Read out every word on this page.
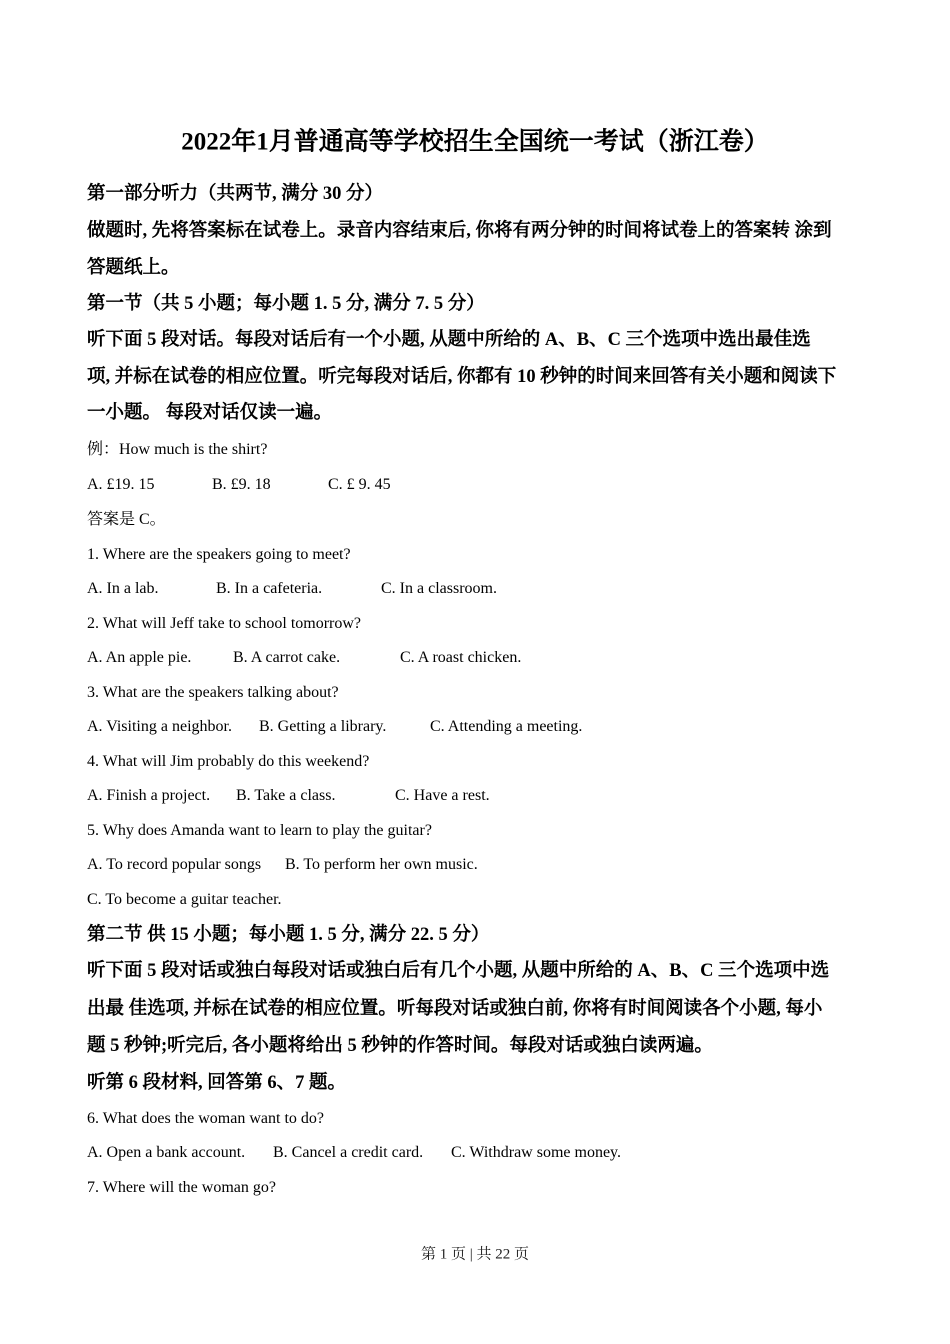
2022年1月普通高等学校招生全国统一考试（浙江卷）
第一部分听力（共两节, 满分 30 分）
做题时, 先将答案标在试卷上。录音内容结束后, 你将有两分钟的时间将试卷上的答案转 涂到
答题纸上。
第一节（共 5 小题；每小题 1. 5 分, 满分 7. 5 分）
听下面 5 段对话。每段对话后有一个小题, 从题中所给的 A、B、C 三个选项中选出最佳选
项, 并标在试卷的相应位置。听完每段对话后, 你都有 10 秒钟的时间来回答有关小题和阅读下
一小题。 每段对话仅读一遍。
例：How much is the shirt?
A. £19. 15	B. £9. 18	C. £ 9. 45
答案是 C。
1. Where are the speakers going to meet?
A. In a lab.	B. In a cafeteria.	C. In a classroom.
2. What will Jeff take to school tomorrow?
A. An apple pie.	B. A carrot cake.	C. A roast chicken.
3. What are the speakers talking about?
A. Visiting a neighbor. B. Getting a library.	C. Attending a meeting.
4. What will Jim probably do this weekend?
A. Finish a project. B. Take a class.	C. Have a rest.
5. Why does Amanda want to learn to play the guitar?
A. To record popular songs B. To perform her own music.
C. To become a guitar teacher.
第二节 供 15 小题；每小题 1. 5 分, 满分 22. 5 分）
听下面 5 段对话或独白每段对话或独白后有几个小题, 从题中所给的 A、B、C 三个选项中选
出最 佳选项, 并标在试卷的相应位置。听每段对话或独白前, 你将有时间阅读各个小题, 每小
题 5 秒钟;听完后, 各小题将给出 5 秒钟的作答时间。每段对话或独白读两遍。
听第 6 段材料, 回答第 6、7 题。
6. What does the woman want to do?
A. Open a bank account. B. Cancel a credit card. C. Withdraw some money.
7. Where will the woman go?
第 1 页 | 共 22 页
